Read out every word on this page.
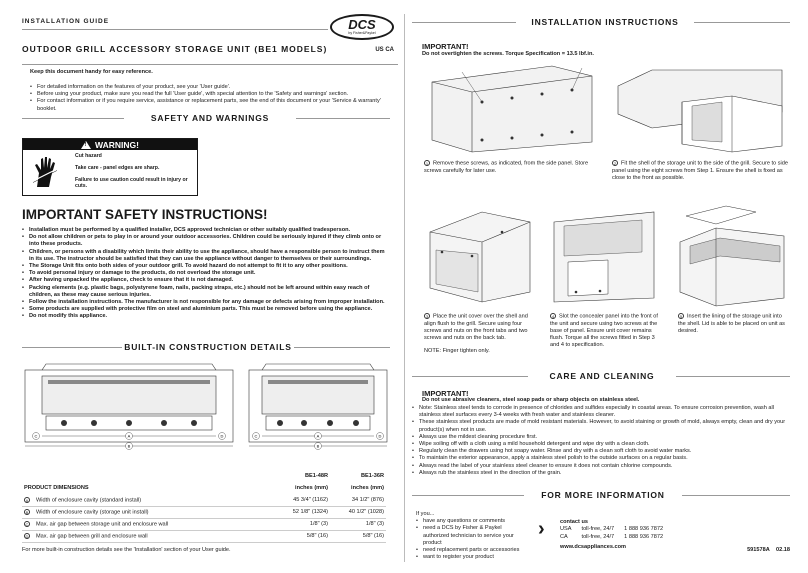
INSTALLATION GUIDE	DCS
by Fisher&Paykel
OUTDOOR GRILL ACCESSORY STORAGE UNIT (BE1 MODELS)	US CA
Keep this document handy for easy reference.
• For detailed information on the features of your product, see your 'User guide'.
• Before using your product, make sure you read the full 'User guide', with special attention to the 'Safety and warnings' section.
• For contact information or if you require service, assistance or replacement parts, see the end of this document or your 'Service & warranty' booklet.
SAFETY AND WARNINGS
! WARNING!
Cut hazard
Take care - panel edges are sharp.
Failure to use caution could result in injury or cuts.
IMPORTANT SAFETY INSTRUCTIONS!
• Installation must be performed by a qualified installer, DCS approved technician or other suitably qualified tradesperson.
• Do not allow children or pets to play in or around your outdoor accessories. Children could be seriously injured if they climb onto or into these products.
• Children, or persons with a disability which limits their ability to use the appliance, should have a responsible person to instruct them in its use. The instructor should be satisfied that they can use the appliance without danger to themselves or their surroundings.
• The Storage Unit fits onto both sides of your outdoor grill. To avoid hazard do not attempt to fit it to any other positions.
• To avoid personal injury or damage to the products, do not overload the storage unit.
• After having unpacked the appliance, check to ensure that it is not damaged.
• Packing elements (e.g. plastic bags, polystyrene foam, nails, packing straps, etc.) should not be left around within easy reach of children, as these may cause serious injuries.
• Follow the installation instructions. The manufacturer is not responsible for any damage or defects arising from improper installation.
• Some products are supplied with protective film on steel and aluminium parts. This must be removed before using the appliance.
• Do not modify this appliance.
BUILT-IN CONSTRUCTION DETAILS
C	A
B
D	C	A
B
D
	BE1-48R	BE1-36R
PRODUCT DIMENSIONS	inches (mm)	inches (mm)
A Width of enclosure cavity (standard install)	45 3/4" (1162)	34 1/2" (876)
B Width of enclosure cavity (storage unit install)	52 1/8" (1324)	40 1/2" (1028)
C Max. air gap between storage unit and enclosure wall	1/8" (3)	1/8" (3)
D Max. air gap between grill and enclosure wall	5/8" (16)	5/8" (16)
For more built-in construction details see the 'Installation' section of your User guide.
INSTALLATION INSTRUCTIONS
IMPORTANT!
Do not overtighten the screws. Torque Specification = 13.5 lbf.in.
1 Remove these screws, as indicated, from the side panel. Store screws carefully for later use.
2 Fit the shell of the storage unit to the side of the grill. Secure to side panel using the eight screws from Step 1. Ensure the shell is fixed as close to the front as possible.
3 Place the unit cover over the shell and align flush to the grill. Secure using four screws and nuts on the front tabs and two screws and nuts on the back tab.
NOTE: Finger tighten only.
4 Slot the concealer panel into the front of the unit and secure using two screws at the base of panel. Ensure unit cover remains flush. Torque all the screws fitted in Step 3 and 4 to specification.
5 Insert the lining of the storage unit into the shell. Lid is able to be placed on unit as desired.
CARE AND CLEANING
IMPORTANT!
Do not use abrasive cleaners, steel soap pads or sharp objects on stainless steel.
• Note: Stainless steel tends to corrode in presence of chlorides and sulfides especially in coastal areas. To ensure corrosion prevention, wash all stainless steel surfaces every 3-4 weeks with fresh water and stainless cleaner.
• These stainless steel products are made of mold resistant materials. However, to avoid staining or growth of mold, always empty, clean and dry your product(s) when not in use.
• Always use the mildest cleaning procedure first.
• Wipe soiling off with a cloth using a mild household detergent and wipe dry with a clean cloth.
• Regularly clean the drawers using hot soapy water. Rinse and dry with a clean soft cloth to avoid water marks.
• To maintain the exterior appearance, apply a stainless steel polish to the outside surfaces on a regular basis.
• Always read the label of your stainless steel cleaner to ensure it does not contain chlorine compounds.
• Always rub the stainless steel in the direction of the grain.
FOR MORE INFORMATION
If you...
• have any questions or comments
• need a DCS by Fisher & Paykel authorized technician to service your product
• need replacement parts or accessories
• want to register your product
›	contact us
USA	toll-free, 24/7	1 888 936 7872
CA	toll-free, 24/7	1 888 936 7872
www.dcsappliances.com	591578A 02.18
